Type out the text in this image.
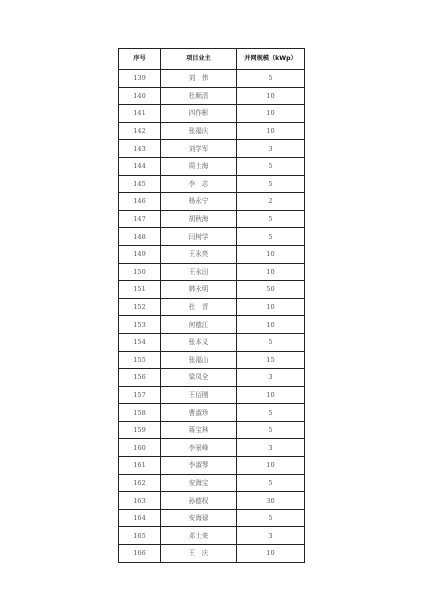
序号	项目业主	并网规模（kWp）
139	刘　伟	5
140	杜顺清	10
141	四作彬	10
142	张福庆	10
143	刘学军	3
144	周士海	5
145	李　志	5
146	杨永宁	2
147	胡秋海	5
148	闫树学	5
149	王永亮	10
150	王永田	10
151	韩永明	50
152	杜　青	10
153	何德江	10
154	张本义	5
155	张福山	15
156	梁凤全	3
157	王佰刚	10
158	曹淑珍	5
159	蒋宝林	5
160	李景峰	3
161	李淑琴	10
162	安海宝	5
163	孙德权	30
164	安海禄	5
165	邓士来	3
166	王　庆	10
